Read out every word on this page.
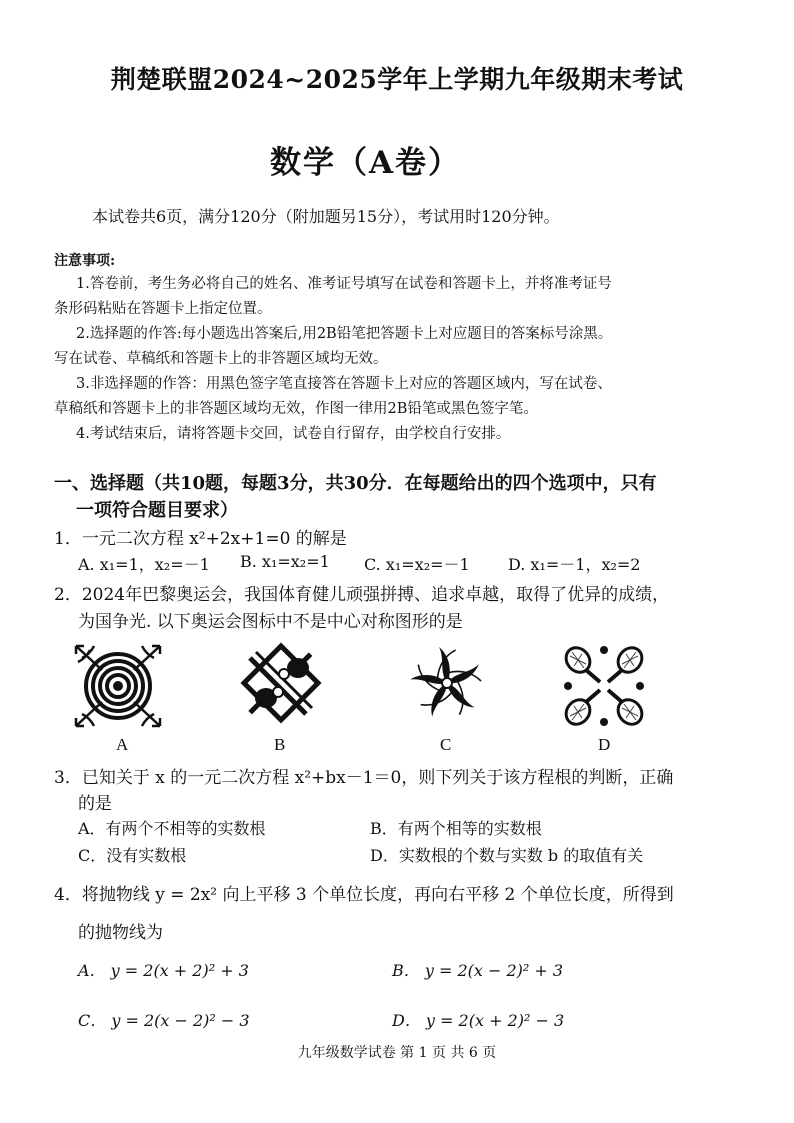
荆楚联盟2024~2025学年上学期九年级期末考试
数学（A卷）
本试卷共6页，满分120分（附加题另15分），考试用时120分钟。
注意事项:
1.答卷前，考生务必将自己的姓名、准考证号填写在试卷和答题卡上，并将准考证号
条形码粘贴在答题卡上指定位置。
2.选择题的作答:每小题选出答案后,用2B铅笔把答题卡上对应题目的答案标号涂黑。
写在试卷、草稿纸和答题卡上的非答题区域均无效。
3.非选择题的作答：用黑色签字笔直接答在答题卡上对应的答题区域内，写在试卷、
草稿纸和答题卡上的非答题区域均无效，作图一律用2B铅笔或黑色签字笔。
4.考试结束后，请将答题卡交回，试卷自行留存，由学校自行安排。
一、选择题（共10题，每题3分，共30分．在每题给出的四个选项中，只有
一项符合题目要求）
1．一元二次方程 x²+2x+1=0 的解是
A. x₁=1，x₂=－1 B. x₁=x₂=1 C. x₁=x₂=－1 D. x₁=－1，x₂=2
2．2024年巴黎奥运会，我国体育健儿顽强拼搏、追求卓越，取得了优异的成绩，
为国争光. 以下奥运会图标中不是中心对称图形的是
A	B	C	D
3．已知关于 x 的一元二次方程 x²+bx－1＝0，则下列关于该方程根的判断，正确
的是
A．有两个不相等的实数根	B．有两个相等的实数根
C．没有实数根	D．实数根的个数与实数 b 的取值有关
4．将抛物线 y = 2x² 向上平移 3 个单位长度，再向右平移 2 个单位长度，所得到
的抛物线为
A． y = 2(x + 2)² + 3	B． y = 2(x − 2)² + 3
C． y = 2(x − 2)² − 3	D． y = 2(x + 2)² − 3
九年级数学试卷 第 1 页 共 6 页
